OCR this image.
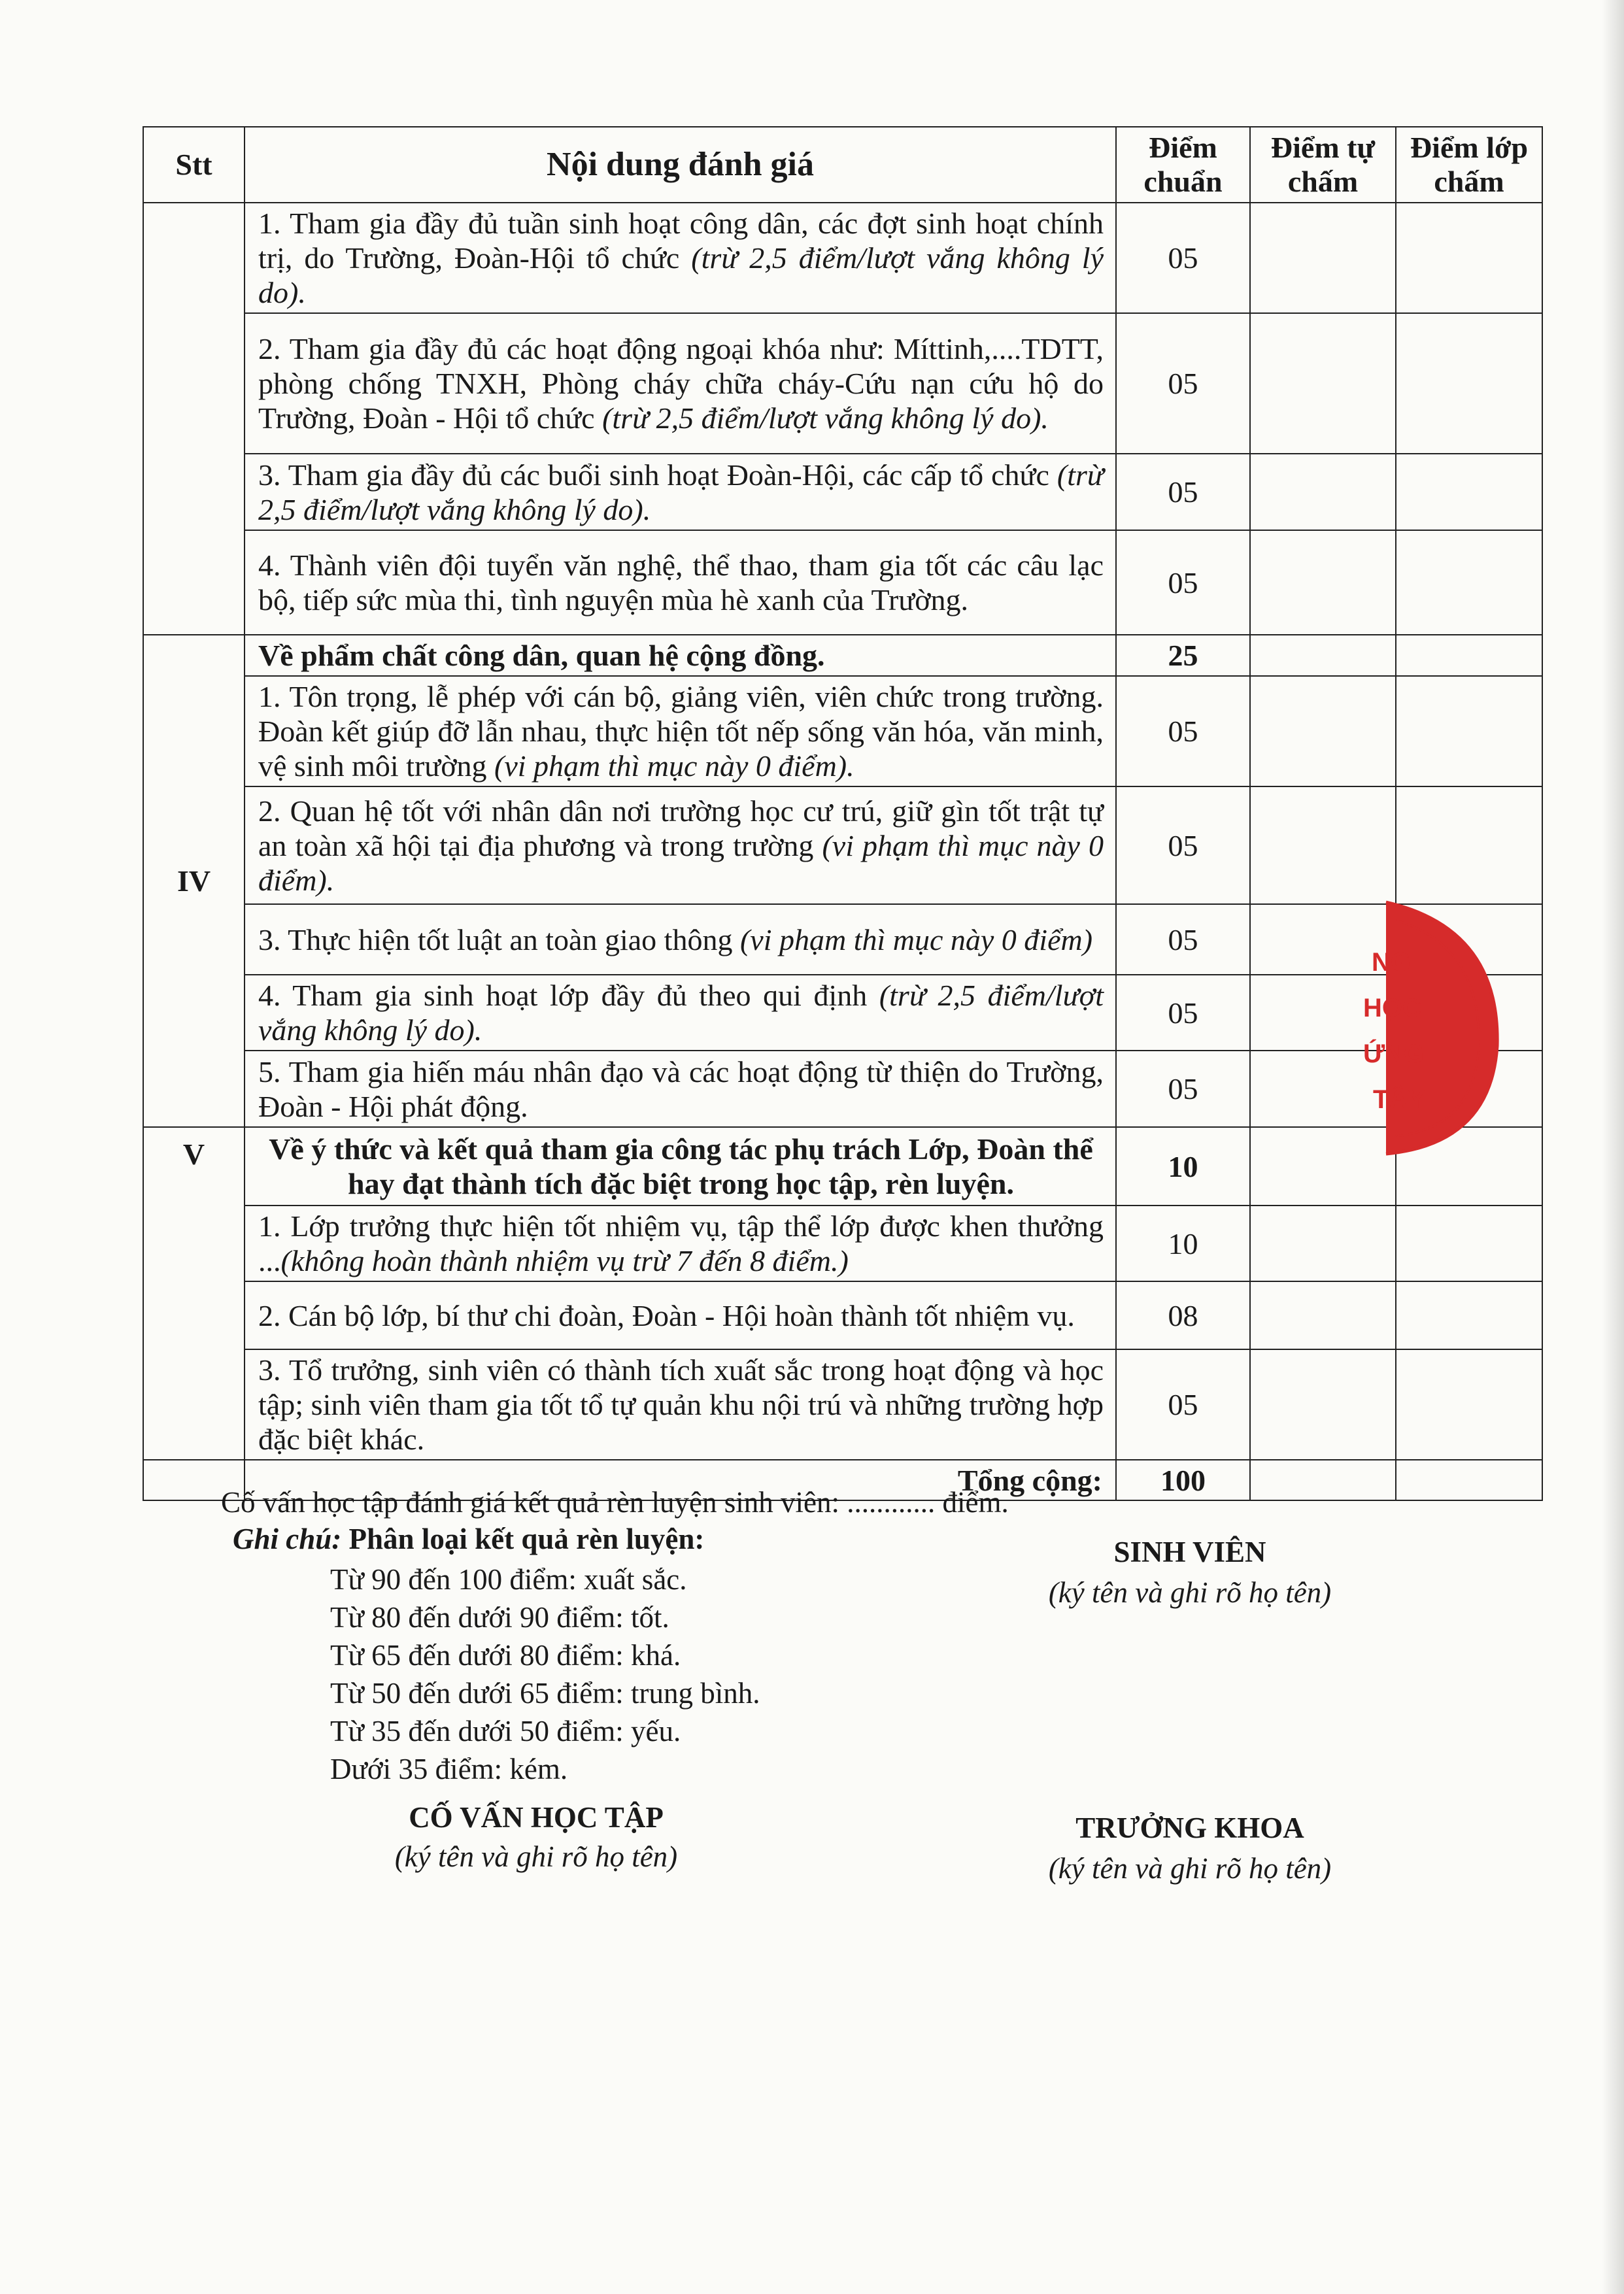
Stt	Nội dung đánh giá	Điểm chuẩn	Điểm tự chấm	Điểm lớp chấm
	1. Tham gia đầy đủ tuần sinh hoạt công dân, các đợt sinh hoạt chính trị, do Trường, Đoàn-Hội tổ chức (trừ 2,5 điểm/lượt vắng không lý do).	05		
	2. Tham gia đầy đủ các hoạt động ngoại khóa như: Míttinh,....TDTT, phòng chống TNXH, Phòng cháy chữa cháy-Cứu nạn cứu hộ do Trường, Đoàn - Hội tổ chức (trừ 2,5 điểm/lượt vắng không lý do).	05		
	3. Tham gia đầy đủ các buổi sinh hoạt Đoàn-Hội, các cấp tổ chức (trừ 2,5 điểm/lượt vắng không lý do).	05		
	4. Thành viên đội tuyển văn nghệ, thể thao, tham gia tốt các câu lạc bộ, tiếp sức mùa thi, tình nguyện mùa hè xanh của Trường.	05		
IV	Về phẩm chất công dân, quan hệ cộng đồng.	25		
	1. Tôn trọng, lễ phép với cán bộ, giảng viên, viên chức trong trường. Đoàn kết giúp đỡ lẫn nhau, thực hiện tốt nếp sống văn hóa, văn minh, vệ sinh môi trường (vi phạm thì mục này 0 điểm).	05		
	2. Quan hệ tốt với nhân dân nơi trường học cư trú, giữ gìn tốt trật tự an toàn xã hội tại địa phương và trong trường (vi phạm thì mục này 0 điểm).	05		
	3. Thực hiện tốt luật an toàn giao thông (vi phạm thì mục này 0 điểm)	05		
	4. Tham gia sinh hoạt lớp đầy đủ theo qui định (trừ 2,5 điểm/lượt vắng không lý do).	05		
	5. Tham gia hiến máu nhân đạo và các hoạt động từ thiện do Trường, Đoàn - Hội phát động.	05		
V	Về ý thức và kết quả tham gia công tác phụ trách Lớp, Đoàn thể hay đạt thành tích đặc biệt trong học tập, rèn luyện.	10		
	1. Lớp trưởng thực hiện tốt nhiệm vụ, tập thể lớp được khen thưởng ...(không hoàn thành nhiệm vụ trừ 7 đến 8 điểm.)	10		
	2. Cán bộ lớp, bí thư chi đoàn, Đoàn - Hội hoàn thành tốt nhiệm vụ.	08		
	3. Tổ trưởng, sinh viên có thành tích xuất sắc trong hoạt động và học tập; sinh viên tham gia tốt tổ tự quản khu nội trú và những trường hợp đặc biệt khác.	05		
	Tổng cộng:	100		
NG
HỌC
ỨNG
TÂY
Cố vấn học tập đánh giá kết quả rèn luyện sinh viên: ............ điểm.
Ghi chú: Phân loại kết quả rèn luyện:
Từ 90 đến 100 điểm: xuất sắc.
Từ 80 đến dưới 90 điểm: tốt.
Từ 65 đến dưới 80 điểm: khá.
Từ 50 đến dưới 65 điểm: trung bình.
Từ 35 đến dưới 50 điểm: yếu.
Dưới 35 điểm: kém.
SINH VIÊN
(ký tên và ghi rõ họ tên)
CỐ VẤN HỌC TẬP
(ký tên và ghi rõ họ tên)
TRƯỞNG KHOA
(ký tên và ghi rõ họ tên)
